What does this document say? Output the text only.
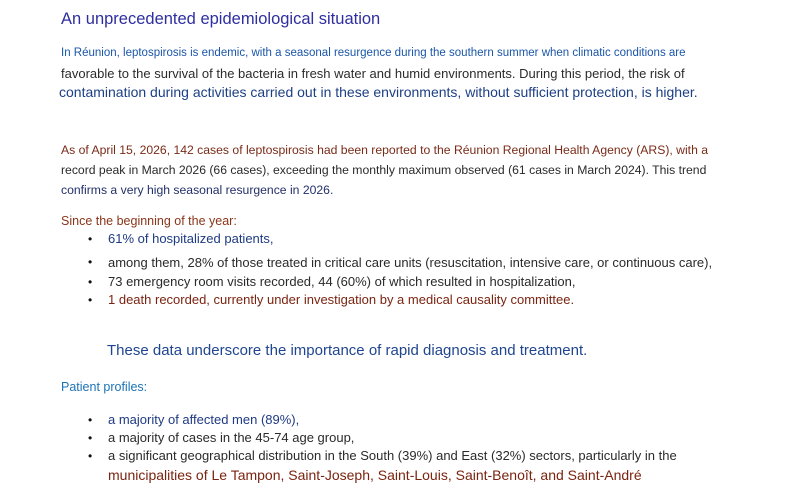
An unprecedented epidemiological situation
In Réunion, leptospirosis is endemic, with a seasonal resurgence during the southern summer when climatic conditions are
favorable to the survival of the bacteria in fresh water and humid environments. During this period, the risk of
contamination during activities carried out in these environments, without sufficient protection, is higher.
As of April 15, 2026, 142 cases of leptospirosis had been reported to the Réunion Regional Health Agency (ARS), with a
record peak in March 2026 (66 cases), exceeding the monthly maximum observed (61 cases in March 2024). This trend
confirms a very high seasonal resurgence in 2026.
Since the beginning of the year:
• 61% of hospitalized patients,
• among them, 28% of those treated in critical care units (resuscitation, intensive care, or continuous care),
• 73 emergency room visits recorded, 44 (60%) of which resulted in hospitalization,
• 1 death recorded, currently under investigation by a medical causality committee.
These data underscore the importance of rapid diagnosis and treatment.
Patient profiles:
• a majority of affected men (89%),
• a majority of cases in the 45-74 age group,
• a significant geographical distribution in the South (39%) and East (32%) sectors, particularly in the
municipalities of Le Tampon, Saint-Joseph, Saint-Louis, Saint-Benoît, and Saint-André
